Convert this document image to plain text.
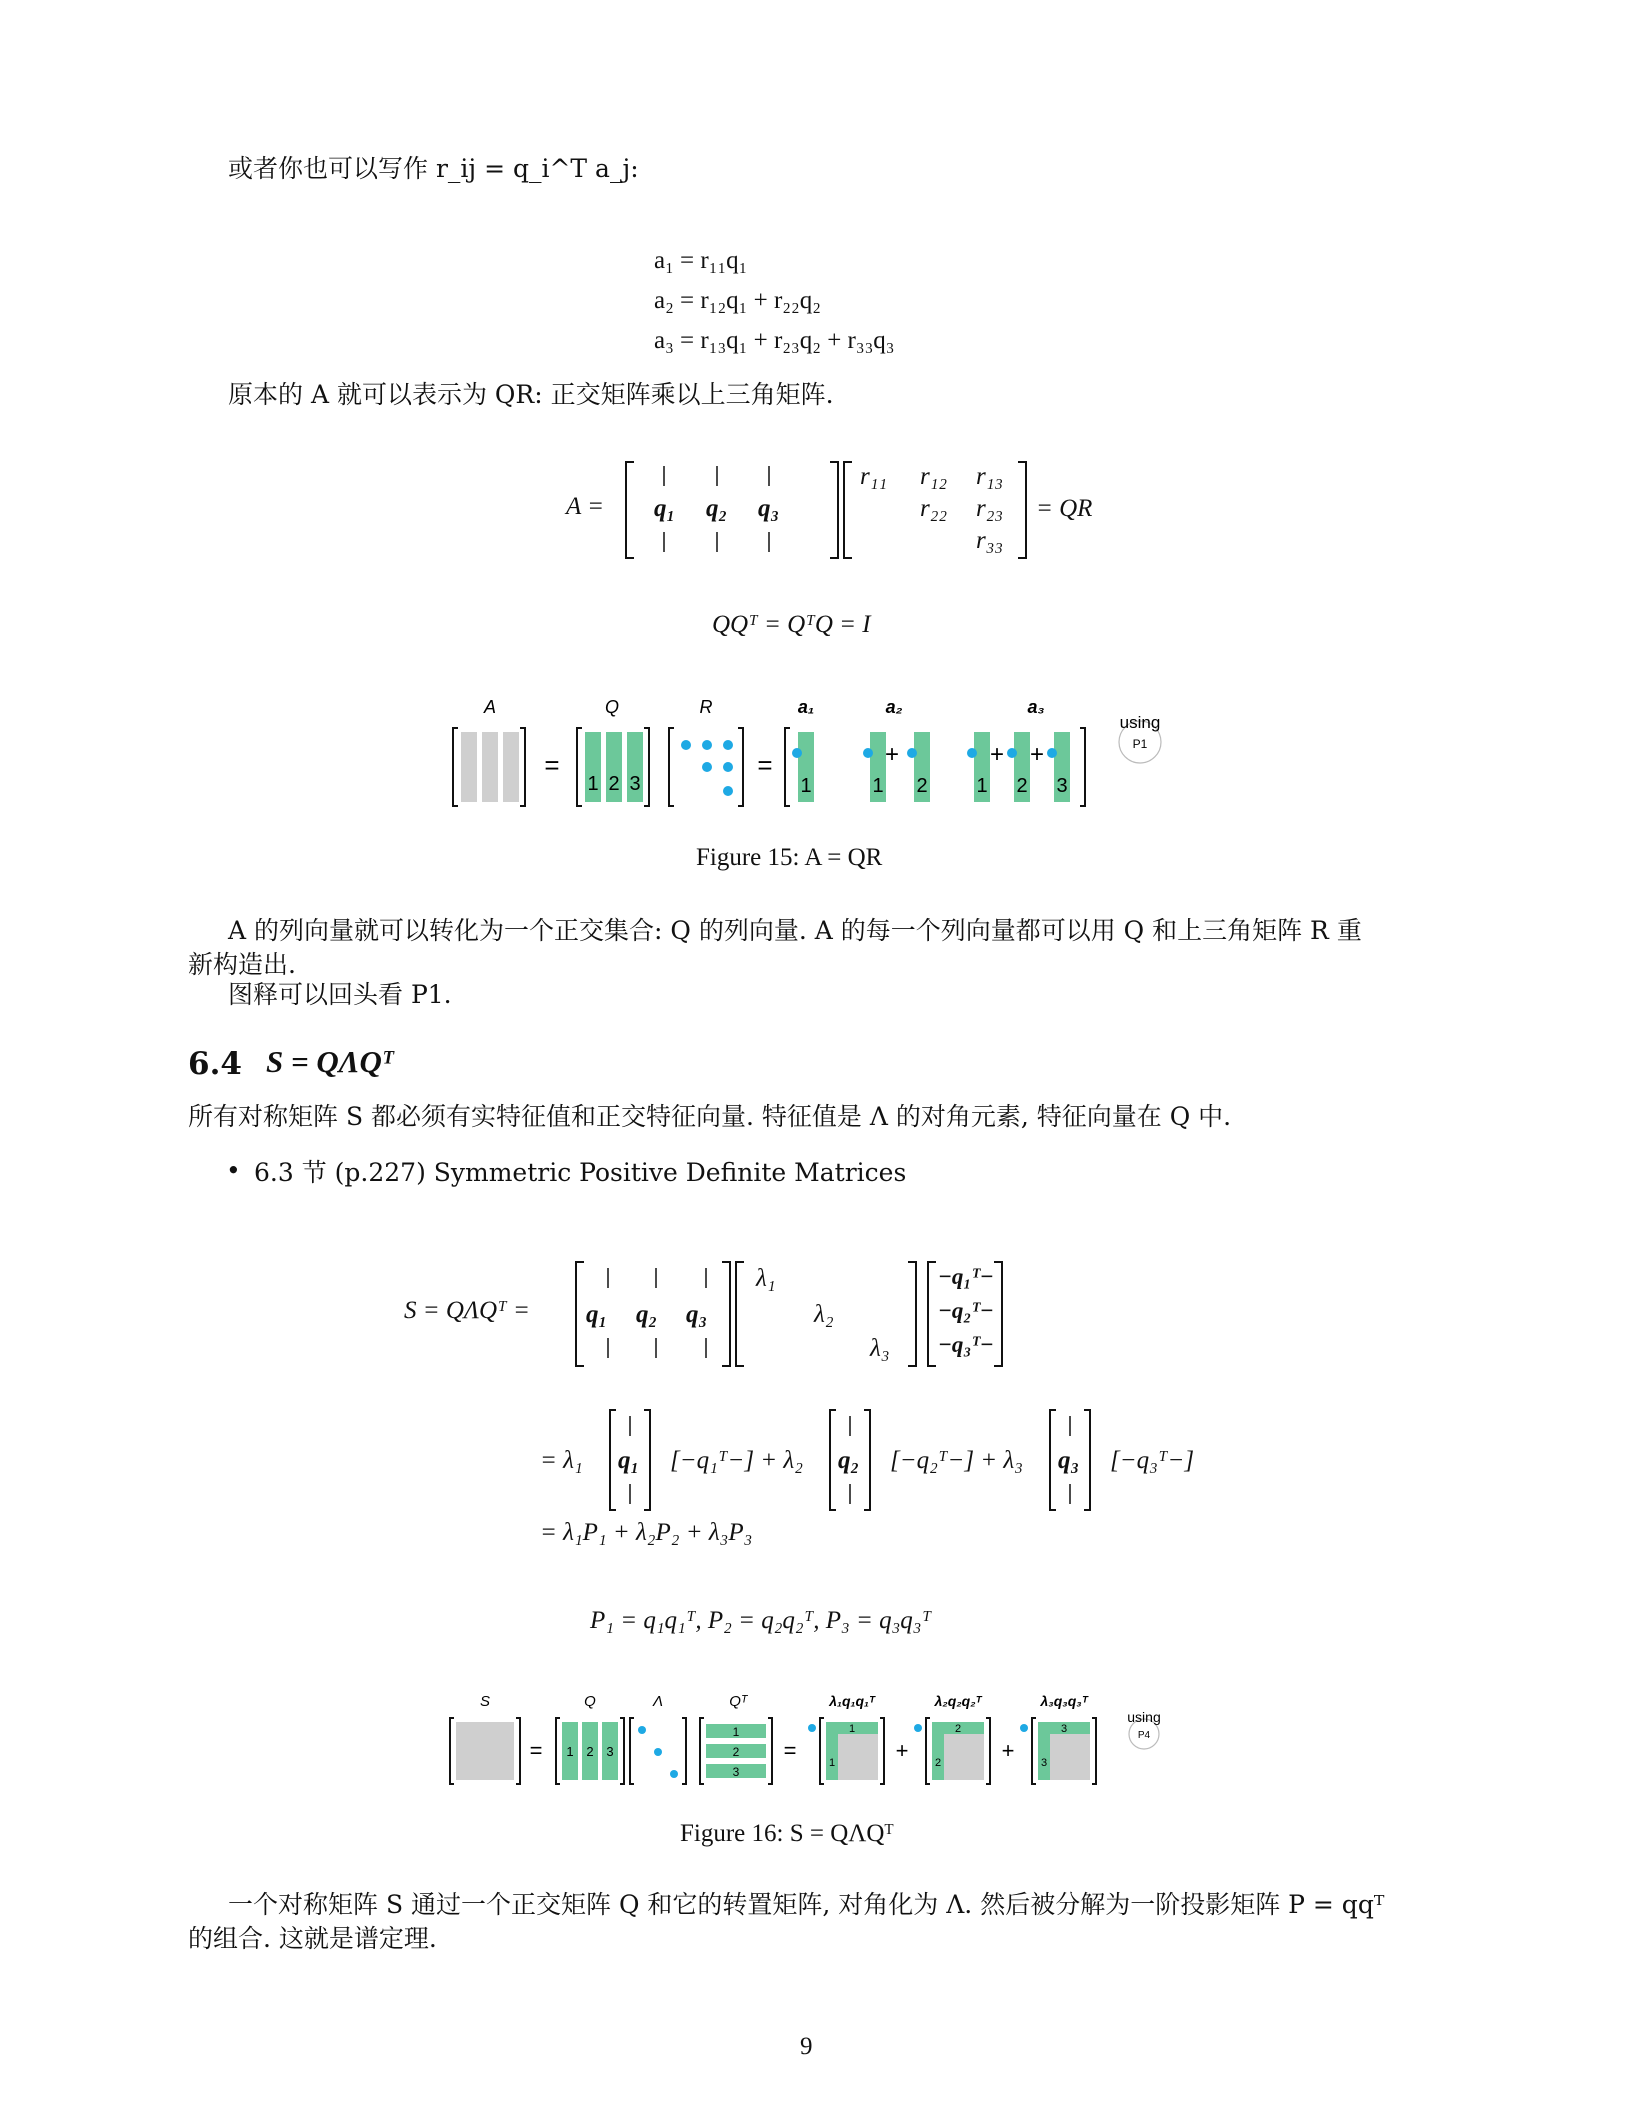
或者你也可以写作 r_ij = q_i^T a_j:
a₁ = r₁₁q₁
a₂ = r₁₂q₁ + r₂₂q₂
a₃ = r₁₃q₁ + r₂₃q₂ + r₃₃q₃
原本的 A 就可以表示为 QR: 正交矩阵乘以上三角矩阵.
A = q₁ q₂ q₃
r₁₁ r₁₂ r₁₃
r₂₂ r₂₃
r₃₃
= QR
QQᵀ = QᵀQ = I
A	Q	R	a₁	a₂	a₃
=
1 2 3
=
1
+
1 2
+ +
1 2 3
using
P1
Figure 15: A = QR
A 的列向量就可以转化为一个正交集合: Q 的列向量. A 的每一个列向量都可以用 Q 和上三角矩阵 R 重
新构造出.
图释可以回头看 P1.
6.4 S = QΛQᵀ
所有对称矩阵 S 都必须有实特征值和正交特征向量. 特征值是 Λ 的对角元素, 特征向量在 Q 中.
• 6.3 节 (p.227) Symmetric Positive Definite Matrices
S = QΛQᵀ = q₁ q₂ q₃
λ₁
λ₂
λ₃
−q₁ᵀ−
−q₂ᵀ−
−q₃ᵀ−
= λ₁ q₁ [−q₁ᵀ−] + λ₂ q₂ [−q₂ᵀ−] + λ₃ q₃ [−q₃ᵀ−]
= λ₁P₁ + λ₂P₂ + λ₃P₃
P₁ = q₁q₁ᵀ, P₂ = q₂q₂ᵀ, P₃ = q₃q₃ᵀ
S	Q	Λ	Qᵀ	λ₁q₁q₁ᵀ	λ₂q₂q₂ᵀ	λ₃q₃q₃ᵀ
= 1 2 3
1
2
3
=
1
1	+
2
2	+
3
3
using
P4
Figure 16: S = QΛQᵀ
一个对称矩阵 S 通过一个正交矩阵 Q 和它的转置矩阵, 对角化为 Λ. 然后被分解为一阶投影矩阵 P = qqᵀ
的组合. 这就是谱定理.
9
